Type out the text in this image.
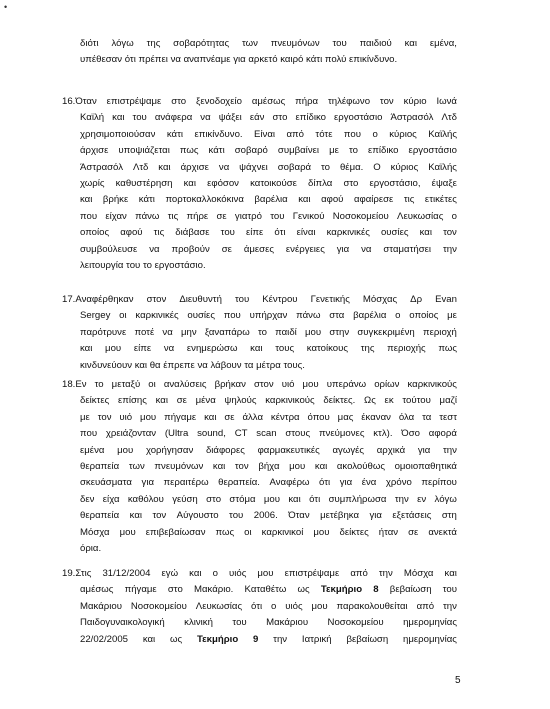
•
διότι λόγω της σοβαρότητας των πνευμόνων του παιδιού και εμένα,
υπέθεσαν
ότι
πρέπει
να
αναπνέαμε
για
αρκετό
καιρό
κάτι
πολύ
επικίνδυνο.
16. Όταν επιστρέψαμε στο ξενοδοχείο αμέσως πήρα τηλέφωνο τον κύριο Ιωνά
Καϊλή και του ανάφερα να ψάξει εάν στο επίδικο εργοστάσιο Άστρασόλ Λτδ
χρησιμοποιούσαν κάτι επικίνδυνο. Είναι από τότε που ο κύριος Καϊλής
άρχισε υποψιάζεται πως κάτι σοβαρό συμβαίνει με το επίδικο εργοστάσιο
Άστρασόλ Λτδ και άρχισε να ψάχνει σοβαρά το θέμα. Ο κύριος Καϊλής
χωρίς καθυστέρηση και εφόσον κατοικούσε δίπλα στο εργοστάσιο, έψαξε
και βρήκε κάτι πορτοκαλλοκόκινα βαρέλια και αφού αφαίρεσε τις ετικέτες
που είχαν πάνω τις πήρε σε γιατρό του Γενικού Νοσοκομείου Λευκωσίας ο
οποίος αφού τις διάβασε του είπε ότι είναι καρκινικές ουσίες και τον
συμβούλευσε να προβούν σε άμεσες ενέργειες για να σταματήσει την
λειτουργία
του
το
εργοστάσιο.
17. Αναφέρθηκαν στον Διευθυντή του Κέντρου Γενετικής Μόσχας Δρ Evan
Sergey οι καρκινικές ουσίες που υπήρχαν πάνω στα βαρέλια ο οποίος με
παρότρυνε ποτέ να μην ξαναπάρω το παιδί μου στην συγκεκριμένη περιοχή
και μου είπε να ενημερώσω και τους κατοίκους της περιοχής πως
κινδυνεύουν
και
θα
έπρεπε
να
λάβουν
τα
μέτρα
τους.
18. Εν το μεταξύ οι αναλύσεις βρήκαν στον υιό μου υπεράνω ορίων καρκινικούς
δείκτες επίσης και σε μένα ψηλούς καρκινικούς δείκτες. Ως εκ τούτου μαζί
με τον υιό μου πήγαμε και σε άλλα κέντρα όπου μας έκαναν όλα τα τεστ
που χρειάζονταν (Ultra sound, CT scan στους πνεύμονες κτλ). Όσο αφορά
εμένα μου χορήγησαν διάφορες φαρμακευτικές αγωγές αρχικά για την
θεραπεία των πνευμόνων και τον βήχα μου και ακολούθως ομοιοπαθητικά
σκευάσματα για περαιτέρω θεραπεία. Αναφέρω ότι για ένα χρόνο περίπου
δεν είχα καθόλου γεύση στο στόμα μου και ότι συμπλήρωσα την εν λόγω
θεραπεία και τον Αύγουστο του 2006. Όταν μετέβηκα για εξετάσεις στη
Μόσχα μου επιβεβαίωσαν πως οι καρκινικοί μου δείκτες ήταν σε ανεκτά
όρια.
19. Στις 31/12/2004 εγώ και ο υιός μου επιστρέψαμε από την Μόσχα και
αμέσως πήγαμε στο Μακάριο. Καταθέτω ως Τεκμήριο 8 βεβαίωση του
Μακάριου Νοσοκομείου Λευκωσίας ότι ο υιός μου παρακολουθείται από την
Παιδογυναικολογική κλινική του Μακάριου Νοσοκομείου ημερομηνίας
22/02/2005 και ως Τεκμήριο 9 την Ιατρική βεβαίωση ημερομηνίας
5
